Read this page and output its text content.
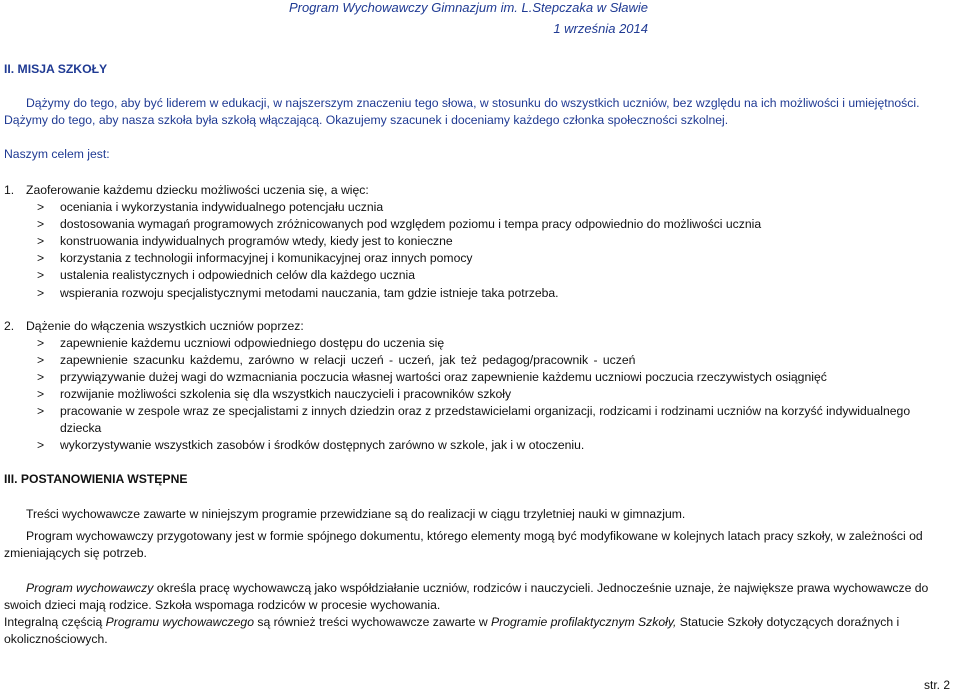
Program Wychowawczy Gimnazjum im. L.Stepczaka w Sławie
1 września 2014
II. MISJA SZKOŁY
Dążymy do tego, aby być liderem w edukacji, w najszerszym znaczeniu tego słowa, w stosunku do wszystkich uczniów, bez względu na ich możliwości i umiejętności.
Dążymy do tego, aby nasza szkoła była szkołą włączającą. Okazujemy szacunek i doceniamy każdego członka społeczności szkolnej.
Naszym celem jest:
1. Zaoferowanie każdemu dziecku możliwości uczenia się, a więc:
> oceniania i wykorzystania indywidualnego potencjału ucznia
> dostosowania wymagań programowych zróżnicowanych pod względem poziomu i tempa pracy odpowiednio do możliwości ucznia
> konstruowania indywidualnych programów wtedy, kiedy jest to konieczne
> korzystania z technologii informacyjnej i komunikacyjnej oraz innych pomocy
> ustalenia realistycznych i odpowiednich celów dla każdego ucznia
> wspierania rozwoju specjalistycznymi metodami nauczania, tam gdzie istnieje taka potrzeba.
2. Dążenie do włączenia wszystkich uczniów poprzez:
> zapewnienie każdemu uczniowi odpowiedniego dostępu do uczenia się
> zapewnienie szacunku każdemu, zarówno w relacji uczeń - uczeń, jak też pedagog/pracownik - uczeń
> przywiązywanie dużej wagi do wzmacniania poczucia własnej wartości oraz zapewnienie każdemu uczniowi poczucia rzeczywistych osiągnięć
> rozwijanie możliwości szkolenia się dla wszystkich nauczycieli i pracowników szkoły
> pracowanie w zespole wraz ze specjalistami z innych dziedzin oraz z przedstawicielami organizacji, rodzicami i rodzinami uczniów na korzyść indywidualnego
dziecka
> wykorzystywanie wszystkich zasobów i środków dostępnych zarówno w szkole, jak i w otoczeniu.
III. POSTANOWIENIA WSTĘPNE
Treści wychowawcze zawarte w niniejszym programie przewidziane są do realizacji w ciągu trzyletniej nauki w gimnazjum.
Program wychowawczy przygotowany jest w formie spójnego dokumentu, którego elementy mogą być modyfikowane w kolejnych latach pracy szkoły, w zależności od
zmieniających się potrzeb.
Program wychowawczy określa pracę wychowawczą jako współdziałanie uczniów, rodziców i nauczycieli. Jednocześnie uznaje, że największe prawa wychowawcze do
swoich dzieci mają rodzice. Szkoła wspomaga rodziców w procesie wychowania.
Integralną częścią Programu wychowawczego są również treści wychowawcze zawarte w Programie profilaktycznym Szkoły, Statucie Szkoły dotyczących doraźnych i
okolicznościowych.
str. 2
